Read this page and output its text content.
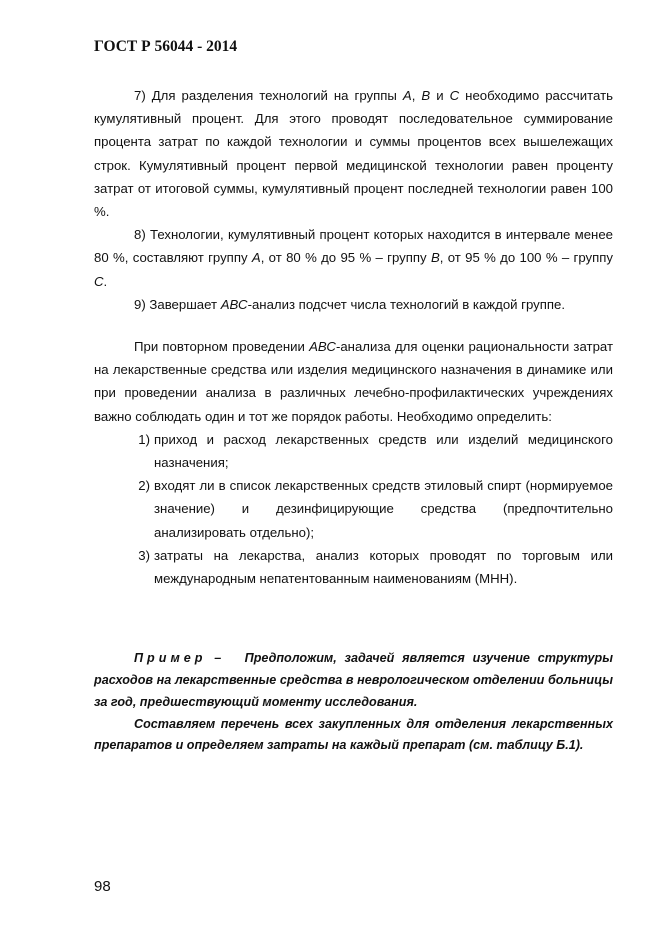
ГОСТ Р 56044 - 2014

7) Для разделения технологий на группы А, В и С необходимо рассчитать кумулятивный процент. Для этого проводят последовательное суммирование процента затрат по каждой технологии и суммы процентов всех вышележащих строк. Кумулятивный процент первой медицинской технологии равен проценту затрат от итоговой суммы, кумулятивный процент последней технологии равен 100 %.

8) Технологии, кумулятивный процент которых находится в интервале менее 80 %, составляют группу А, от 80 % до 95 % – группу В, от 95 % до 100 % – группу С.

9) Завершает АВС-анализ подсчет числа технологий в каждой группе.

При повторном проведении АВС-анализа для оценки рациональности затрат на лекарственные средства или изделия медицинского назначения в динамике или при проведении анализа в различных лечебно-профилактических учреждениях важно соблюдать один и тот же порядок работы. Необходимо определить:

1) приход и расход лекарственных средств или изделий медицинского назначения;
2) входят ли в список лекарственных средств этиловый спирт (нормируемое значение) и дезинфицирующие средства (предпочтительно анализировать отдельно);
3) затраты на лекарства, анализ которых проводят по торговым или международным непатентованным наименованиям (МНН).

Пример – Предположим, задачей является изучение структуры расходов на лекарственные средства в неврологическом отделении больницы за год, предшествующий моменту исследования.

Составляем перечень всех закупленных для отделения лекарственных препаратов и определяем затраты на каждый препарат (см. таблицу Б.1).

98
